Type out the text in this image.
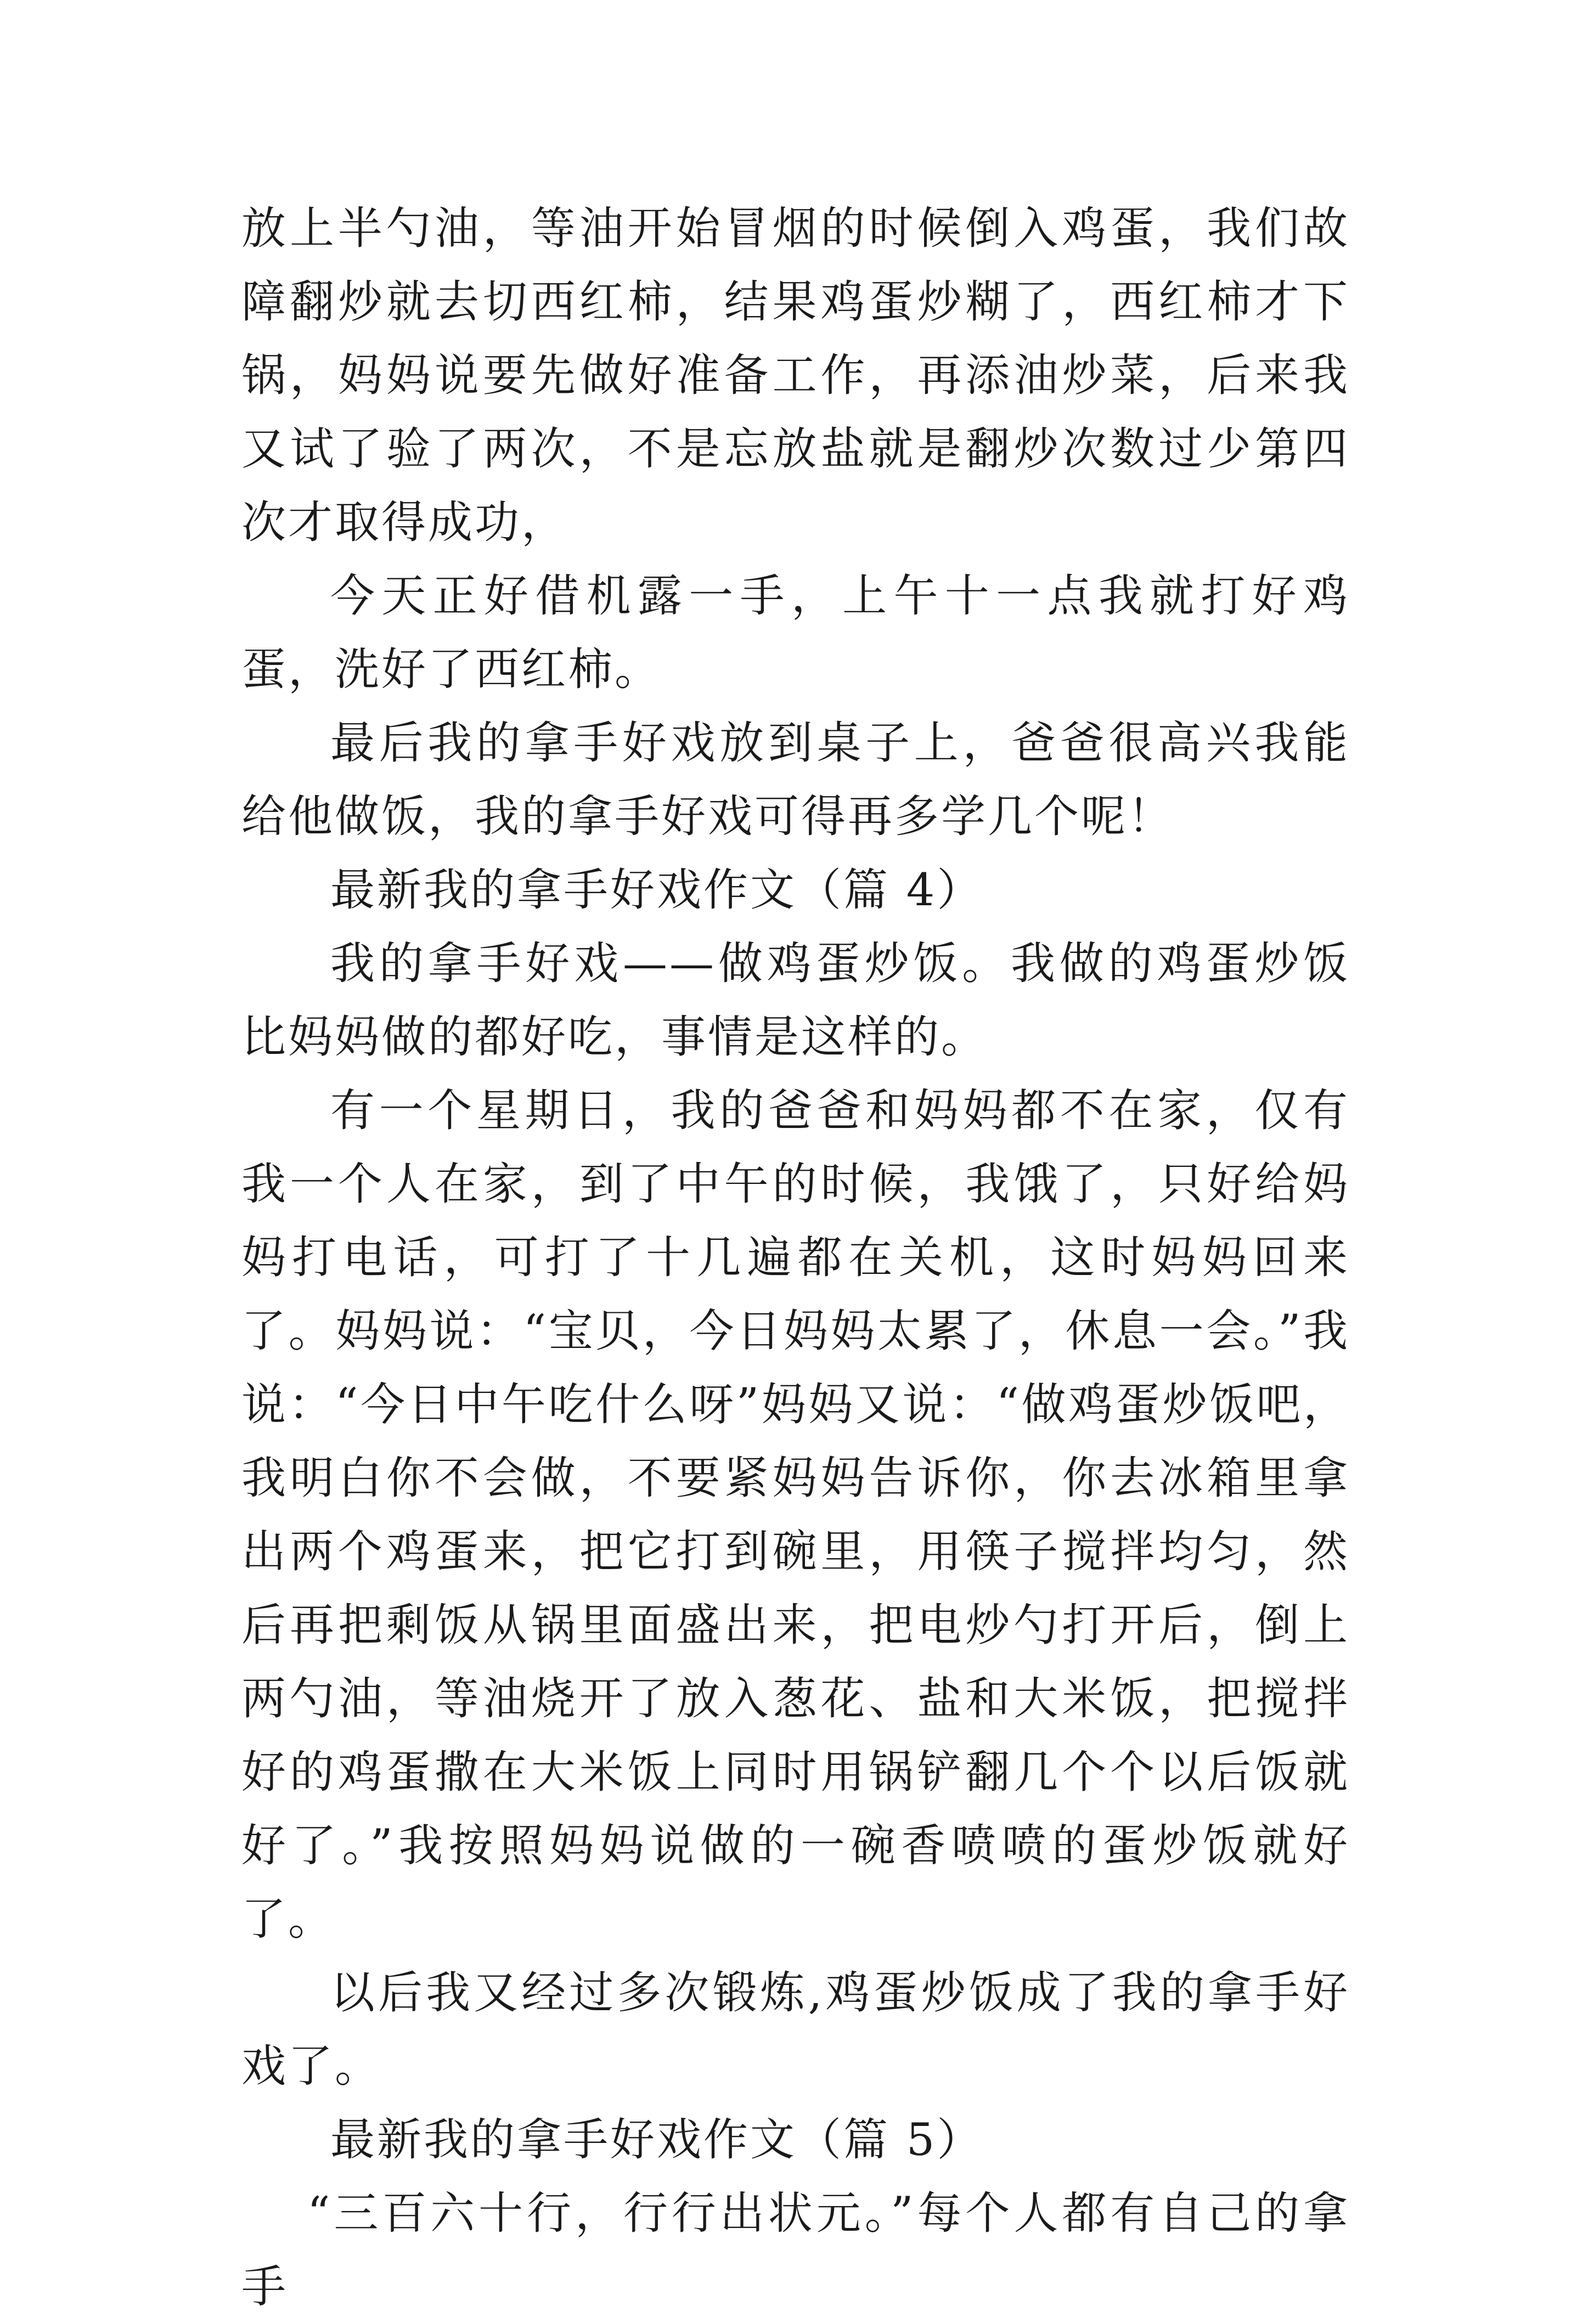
放上半勺油，等油开始冒烟的时候倒入鸡蛋，我们故障翻炒就去切西红柿，结果鸡蛋炒糊了，西红柿才下锅，妈妈说要先做好准备工作，再添油炒菜，后来我又试了验了两次，不是忘放盐就是翻炒次数过少第四次才取得成功，

今天正好借机露一手，上午十一点我就打好鸡蛋，洗好了西红柿。

最后我的拿手好戏放到桌子上，爸爸很高兴我能给他做饭，我的拿手好戏可得再多学几个呢！

最新我的拿手好戏作文（篇 4）

我的拿手好戏——做鸡蛋炒饭。我做的鸡蛋炒饭比妈妈做的都好吃，事情是这样的。

有一个星期日，我的爸爸和妈妈都不在家，仅有我一个人在家，到了中午的时候，我饿了，只好给妈妈打电话，可打了十几遍都在关机，这时妈妈回来了。妈妈说：“宝贝，今日妈妈太累了，休息一会。”我说：“今日中午吃什么呀”妈妈又说：“做鸡蛋炒饭吧，我明白你不会做，不要紧妈妈告诉你，你去冰箱里拿出两个鸡蛋来，把它打到碗里，用筷子搅拌均匀，然后再把剩饭从锅里面盛出来，把电炒勺打开后，倒上两勺油，等油烧开了放入葱花、盐和大米饭，把搅拌好的鸡蛋撒在大米饭上同时用锅铲翻几个个以后饭就好了。”我按照妈妈说做的一碗香喷喷的蛋炒饭就好了。

以后我又经过多次锻炼,鸡蛋炒饭成了我的拿手好戏了。

最新我的拿手好戏作文（篇 5）

“三百六十行，行行出状元。”每个人都有自己的拿手
